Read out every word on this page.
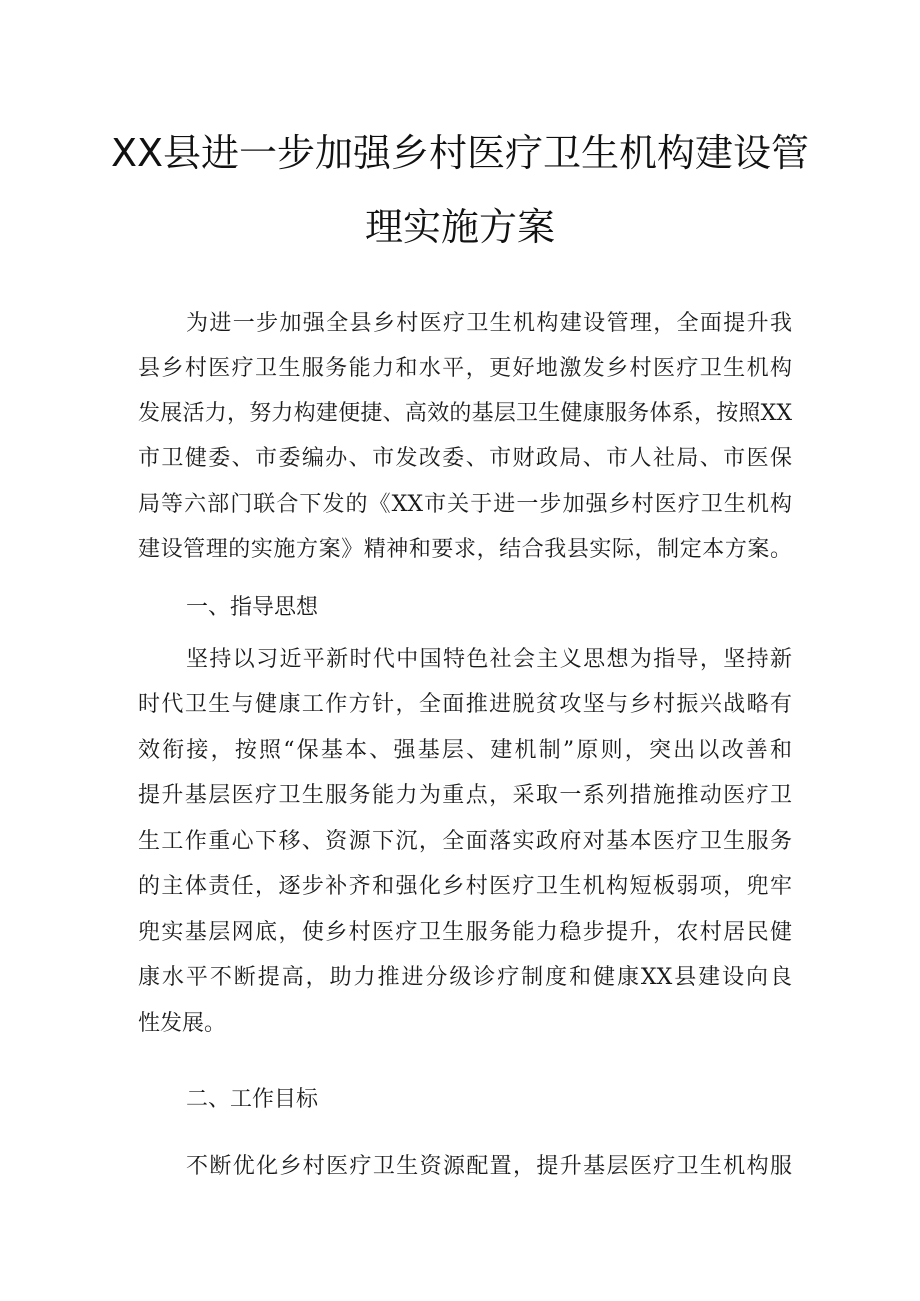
XX县进一步加强乡村医疗卫生机构建设管
理实施方案
为进一步加强全县乡村医疗卫生机构建设管理，全面提升我
县乡村医疗卫生服务能力和水平，更好地激发乡村医疗卫生机构
发展活力，努力构建便捷、高效的基层卫生健康服务体系，按照XX
市卫健委、市委编办、市发改委、市财政局、市人社局、市医保
局等六部门联合下发的《XX市关于进一步加强乡村医疗卫生机构
建设管理的实施方案》精神和要求，结合我县实际，制定本方案。
一、指导思想
坚持以习近平新时代中国特色社会主义思想为指导，坚持新
时代卫生与健康工作方针，全面推进脱贫攻坚与乡村振兴战略有
效衔接，按照“保基本、强基层、建机制”原则，突出以改善和
提升基层医疗卫生服务能力为重点，采取一系列措施推动医疗卫
生工作重心下移、资源下沉，全面落实政府对基本医疗卫生服务
的主体责任，逐步补齐和强化乡村医疗卫生机构短板弱项，兜牢
兜实基层网底，使乡村医疗卫生服务能力稳步提升，农村居民健
康水平不断提高，助力推进分级诊疗制度和健康XX县建设向良
性发展。
二、工作目标
不断优化乡村医疗卫生资源配置，提升基层医疗卫生机构服
